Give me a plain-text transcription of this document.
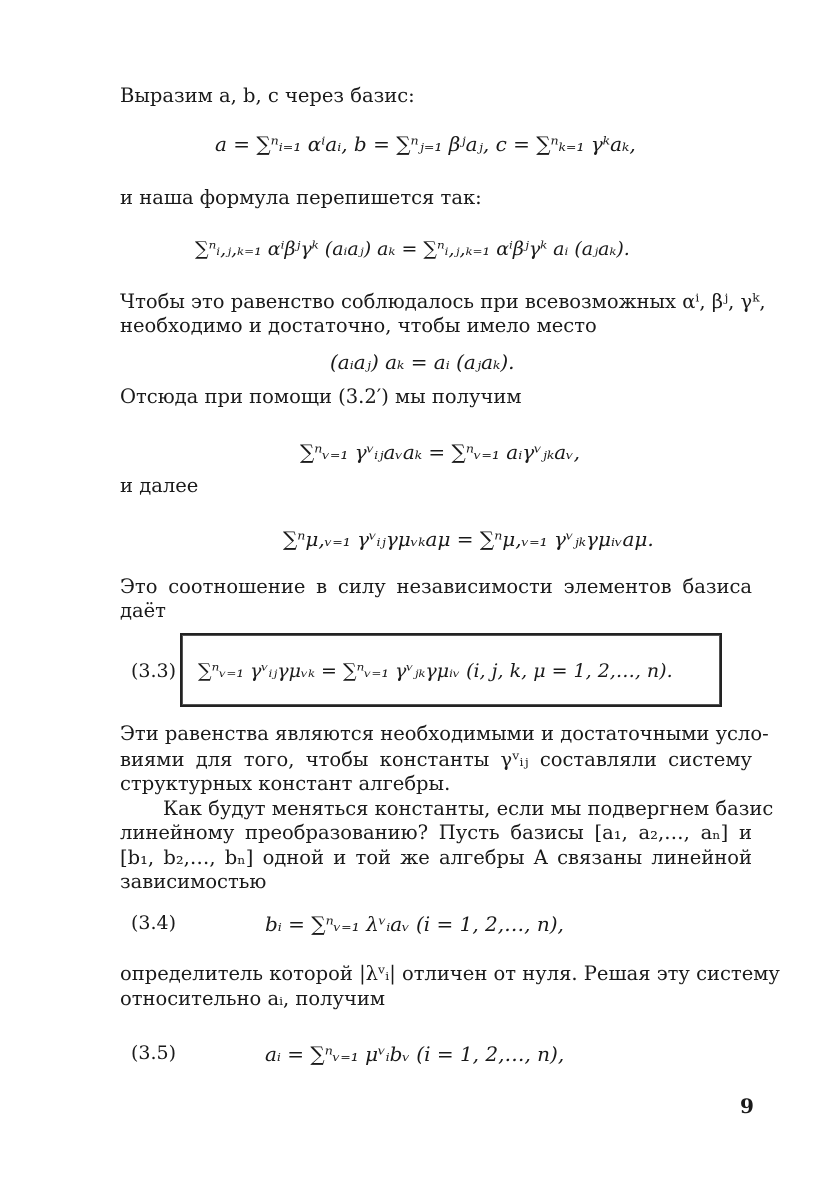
Выразим a, b, c через базис:
a = ∑ⁿᵢ₌₁ αⁱaᵢ, b = ∑ⁿⱼ₌₁ βʲaⱼ, c = ∑ⁿₖ₌₁ γᵏaₖ,
и наша формула перепишется так:
∑ⁿᵢ,ⱼ,ₖ₌₁ αⁱβʲγᵏ (aᵢaⱼ) aₖ = ∑ⁿᵢ,ⱼ,ₖ₌₁ αⁱβʲγᵏ aᵢ (aⱼaₖ).
Чтобы это равенство соблюдалось при всевозможных αⁱ, βʲ, γᵏ,
необходимо и достаточно, чтобы имело место
(aᵢaⱼ) aₖ = aᵢ (aⱼaₖ).
Отсюда при помощи (3.2′) мы получим
∑ⁿᵥ₌₁ γᵛᵢⱼaᵥaₖ = ∑ⁿᵥ₌₁ aᵢγᵛⱼₖaᵥ,
и далее
∑ⁿμ,ᵥ₌₁ γᵛᵢⱼγμᵥₖaμ = ∑ⁿμ,ᵥ₌₁ γᵛⱼₖγμᵢᵥaμ.
Это соотношение в силу независимости элементов базиса
даёт
(3.3) ∑ⁿᵥ₌₁ γᵛᵢⱼγμᵥₖ = ∑ⁿᵥ₌₁ γᵛⱼₖγμᵢᵥ (i, j, k, μ = 1, 2,…, n).
Эти равенства являются необходимыми и достаточными усло-
виями для того, чтобы константы γᵛᵢⱼ составляли систему
структурных констант алгебры.
Как будут меняться константы, если мы подвергнем базис
линейному преобразованию? Пусть базисы [a₁, a₂,…, aₙ] и
[b₁, b₂,…, bₙ] одной и той же алгебры A связаны линейной
зависимостью
(3.4)	bᵢ = ∑ⁿᵥ₌₁ λᵛᵢaᵥ (i = 1, 2,…, n),
определитель которой |λᵛᵢ| отличен от нуля. Решая эту систему
относительно aᵢ, получим
(3.5)	aᵢ = ∑ⁿᵥ₌₁ μᵛᵢbᵥ (i = 1, 2,…, n),
9
